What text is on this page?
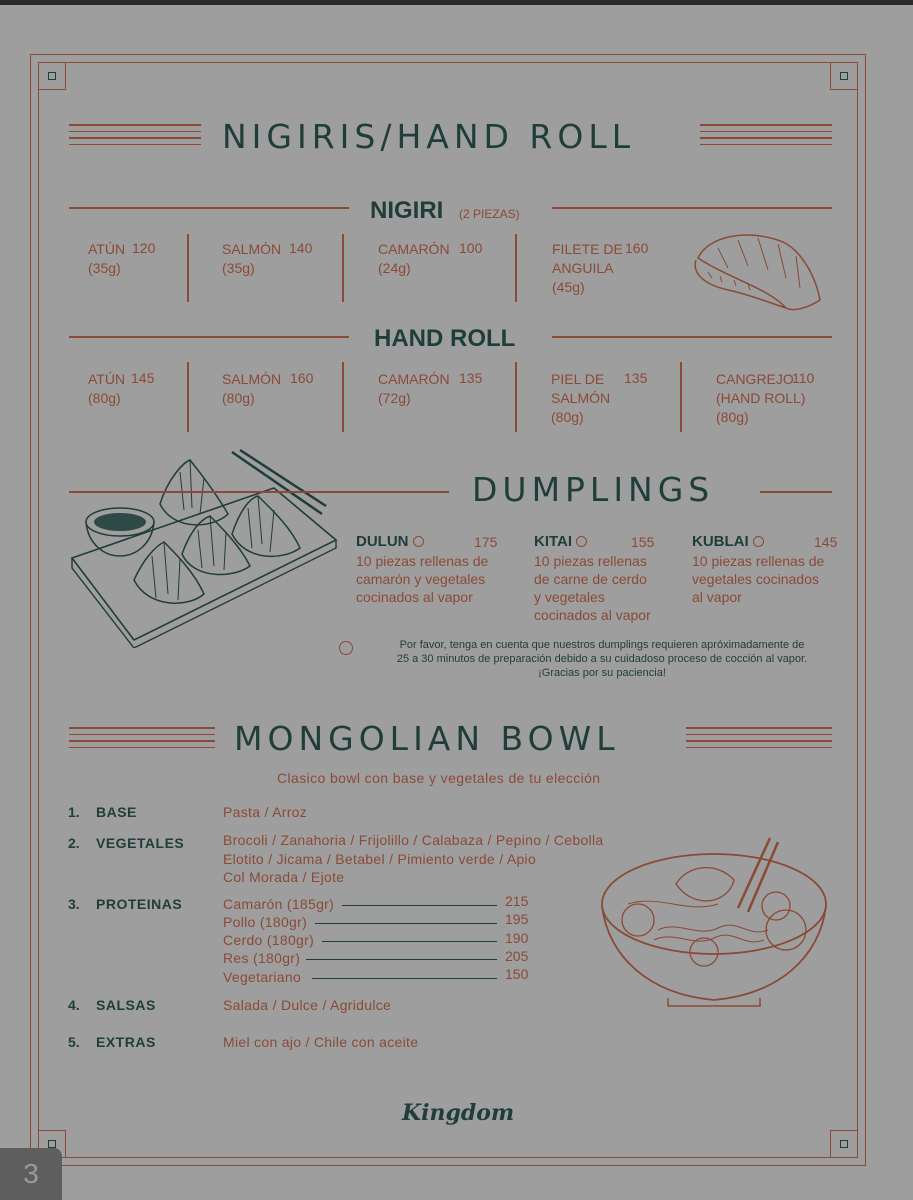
NIGIRIS/HAND ROLL
NIGIRI (2 PIEZAS)
ATÚN 120
(35g)
SALMÓN 140
(35g)
CAMARÓN 100
(24g)
FILETE DE 160
ANGUILA
(45g)
HAND ROLL
ATÚN 145
(80g)
SALMÓN 160
(80g)
CAMARÓN 135
(72g)
PIEL DE 135
SALMÓN
(80g)
CANGREJO
110
(HAND ROLL)
(80g)
DUMPLINGS
DULUN	175
10 piezas rellenas de
camarón y vegetales
cocinados al vapor
KITAI	155
10 piezas rellenas
de carne de cerdo
y vegetales
cocinados al vapor
KUBLAI	145
10 piezas rellenas de
vegetales cocinados
al vapor
Por favor, tenga en cuenta que nuestros dumplings requieren apróximadamente de
25 a 30 minutos de preparación debido a su cuidadoso proceso de cocción al vapor.
¡Gracias por su paciencia!
MONGOLIAN BOWL
Clasico bowl con base y vegetales de tu elección
1. BASE	Pasta / Arroz
2. VEGETALES	Brocoli / Zanahoria / Frijolillo / Calabaza / Pepino / Cebolla
Elotito / Jicama / Betabel / Pimiento verde / Apio
Col Morada / Ejote
3. PROTEINAS	Camarón (185gr)	215
Pollo (180gr)	195
Cerdo (180gr)	190
Res (180gr)	205
Vegetariano	150
4. SALSAS	Salada / Dulce / Agridulce
5. EXTRAS	Miel con ajo / Chile con aceite
Kingdom
3
